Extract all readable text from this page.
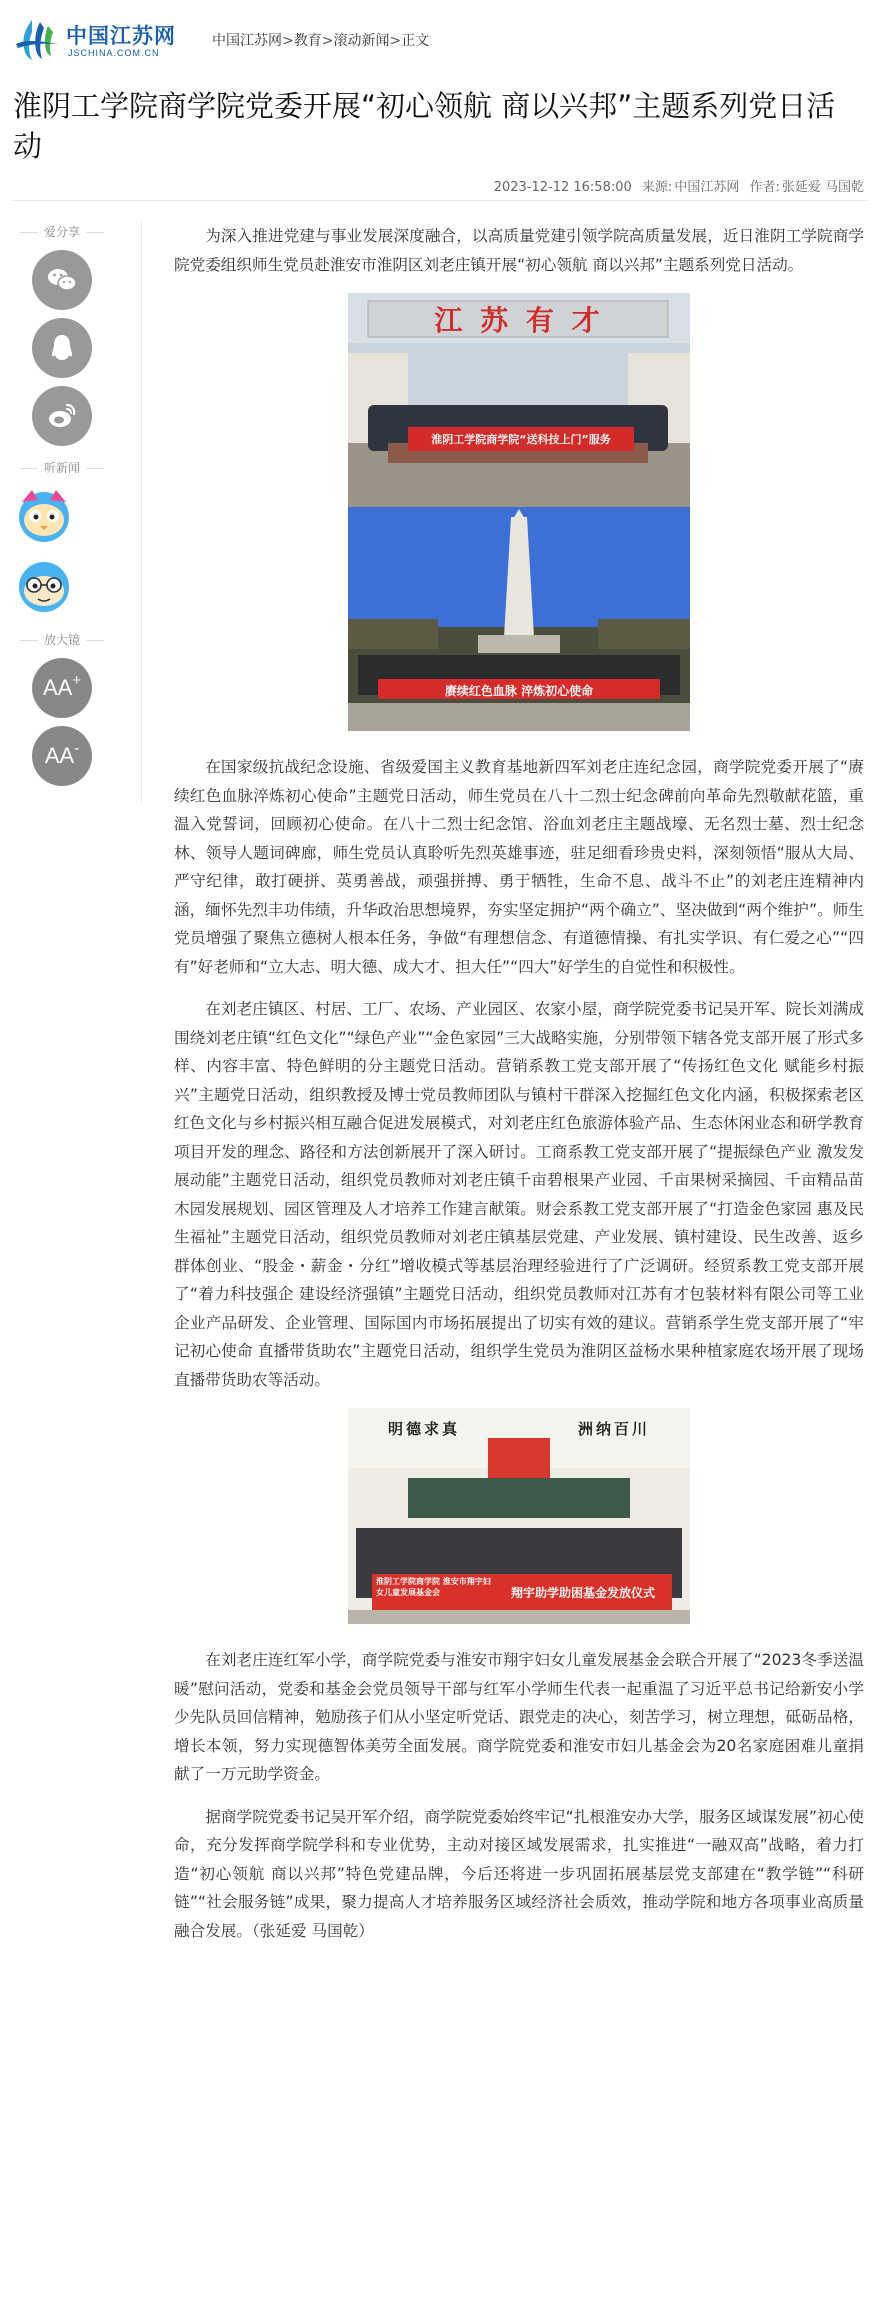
中国江苏网
JSCHINA.COM.CN
中国江苏网>教育>滚动新闻>正文
淮阴工学院商学院党委开展“初心领航 商以兴邦”主题系列党日活动
2023-12-12 16:58:00 来源: 中国江苏网 作者: 张延爱 马国乾
爱分享
听新闻

放大镜
AA+
AA-

为深入推进党建与事业发展深度融合，以高质量党建引领学院高质量发展，近日淮阴工学院商学院党委组织师生党员赴淮安市淮阴区刘老庄镇开展“初心领航 商以兴邦”主题系列党日活动。

江 苏 有 才
淮阴工学院商学院“送科技上门”服务
赓续红色血脉 淬炼初心使命

在国家级抗战纪念设施、省级爱国主义教育基地新四军刘老庄连纪念园，商学院党委开展了“赓续红色血脉淬炼初心使命”主题党日活动，师生党员在八十二烈士纪念碑前向革命先烈敬献花篮，重温入党誓词，回顾初心使命。在八十二烈士纪念馆、浴血刘老庄主题战壕、无名烈士墓、烈士纪念林、领导人题词碑廊，师生党员认真聆听先烈英雄事迹，驻足细看珍贵史料，深刻领悟“服从大局、严守纪律，敢打硬拼、英勇善战，顽强拼搏、勇于牺牲，生命不息、战斗不止”的刘老庄连精神内涵，缅怀先烈丰功伟绩，升华政治思想境界，夯实坚定拥护“两个确立”、坚决做到“两个维护”。师生党员增强了聚焦立德树人根本任务，争做“有理想信念、有道德情操、有扎实学识、有仁爱之心”“四有”好老师和“立大志、明大德、成大才、担大任”“四大”好学生的自觉性和积极性。

在刘老庄镇区、村居、工厂、农场、产业园区、农家小屋，商学院党委书记吴开军、院长刘满成围绕刘老庄镇“红色文化”“绿色产业”“金色家园”三大战略实施，分别带领下辖各党支部开展了形式多样、内容丰富、特色鲜明的分主题党日活动。营销系教工党支部开展了“传扬红色文化 赋能乡村振兴”主题党日活动，组织教授及博士党员教师团队与镇村干群深入挖掘红色文化内涵，积极探索老区红色文化与乡村振兴相互融合促进发展模式，对刘老庄红色旅游体验产品、生态休闲业态和研学教育项目开发的理念、路径和方法创新展开了深入研讨。工商系教工党支部开展了“提振绿色产业 激发发展动能”主题党日活动，组织党员教师对刘老庄镇千亩碧根果产业园、千亩果树采摘园、千亩精品苗木园发展规划、园区管理及人才培养工作建言献策。财会系教工党支部开展了“打造金色家园 惠及民生福祉”主题党日活动，组织党员教师对刘老庄镇基层党建、产业发展、镇村建设、民生改善、返乡群体创业、“股金・薪金・分红”增收模式等基层治理经验进行了广泛调研。经贸系教工党支部开展了“着力科技强企 建设经济强镇”主题党日活动，组织党员教师对江苏有才包装材料有限公司等工业企业产品研发、企业管理、国际国内市场拓展提出了切实有效的建议。营销系学生党支部开展了“牢记初心使命 直播带货助农”主题党日活动，组织学生党员为淮阴区益杨水果种植家庭农场开展了现场直播带货助农等活动。

明德求真	洲纳百川
淮阴工学院商学院 淮安市翔宇妇女儿童发展基金会	翔宇助学助困基金发放仪式

在刘老庄连红军小学，商学院党委与淮安市翔宇妇女儿童发展基金会联合开展了“2023冬季送温暖”慰问活动，党委和基金会党员领导干部与红军小学师生代表一起重温了习近平总书记给新安小学少先队员回信精神，勉励孩子们从小坚定听党话、跟党走的决心，刻苦学习，树立理想，砥砺品格，增长本领，努力实现德智体美劳全面发展。商学院党委和淮安市妇儿基金会为20名家庭困难儿童捐献了一万元助学资金。

据商学院党委书记吴开军介绍，商学院党委始终牢记“扎根淮安办大学，服务区域谋发展”初心使命，充分发挥商学院学科和专业优势，主动对接区域发展需求，扎实推进“一融双高”战略，着力打造“初心领航 商以兴邦”特色党建品牌，今后还将进一步巩固拓展基层党支部建在“教学链”“科研链”“社会服务链”成果，聚力提高人才培养服务区域经济社会质效，推动学院和地方各项事业高质量融合发展。（张延爱 马国乾）
